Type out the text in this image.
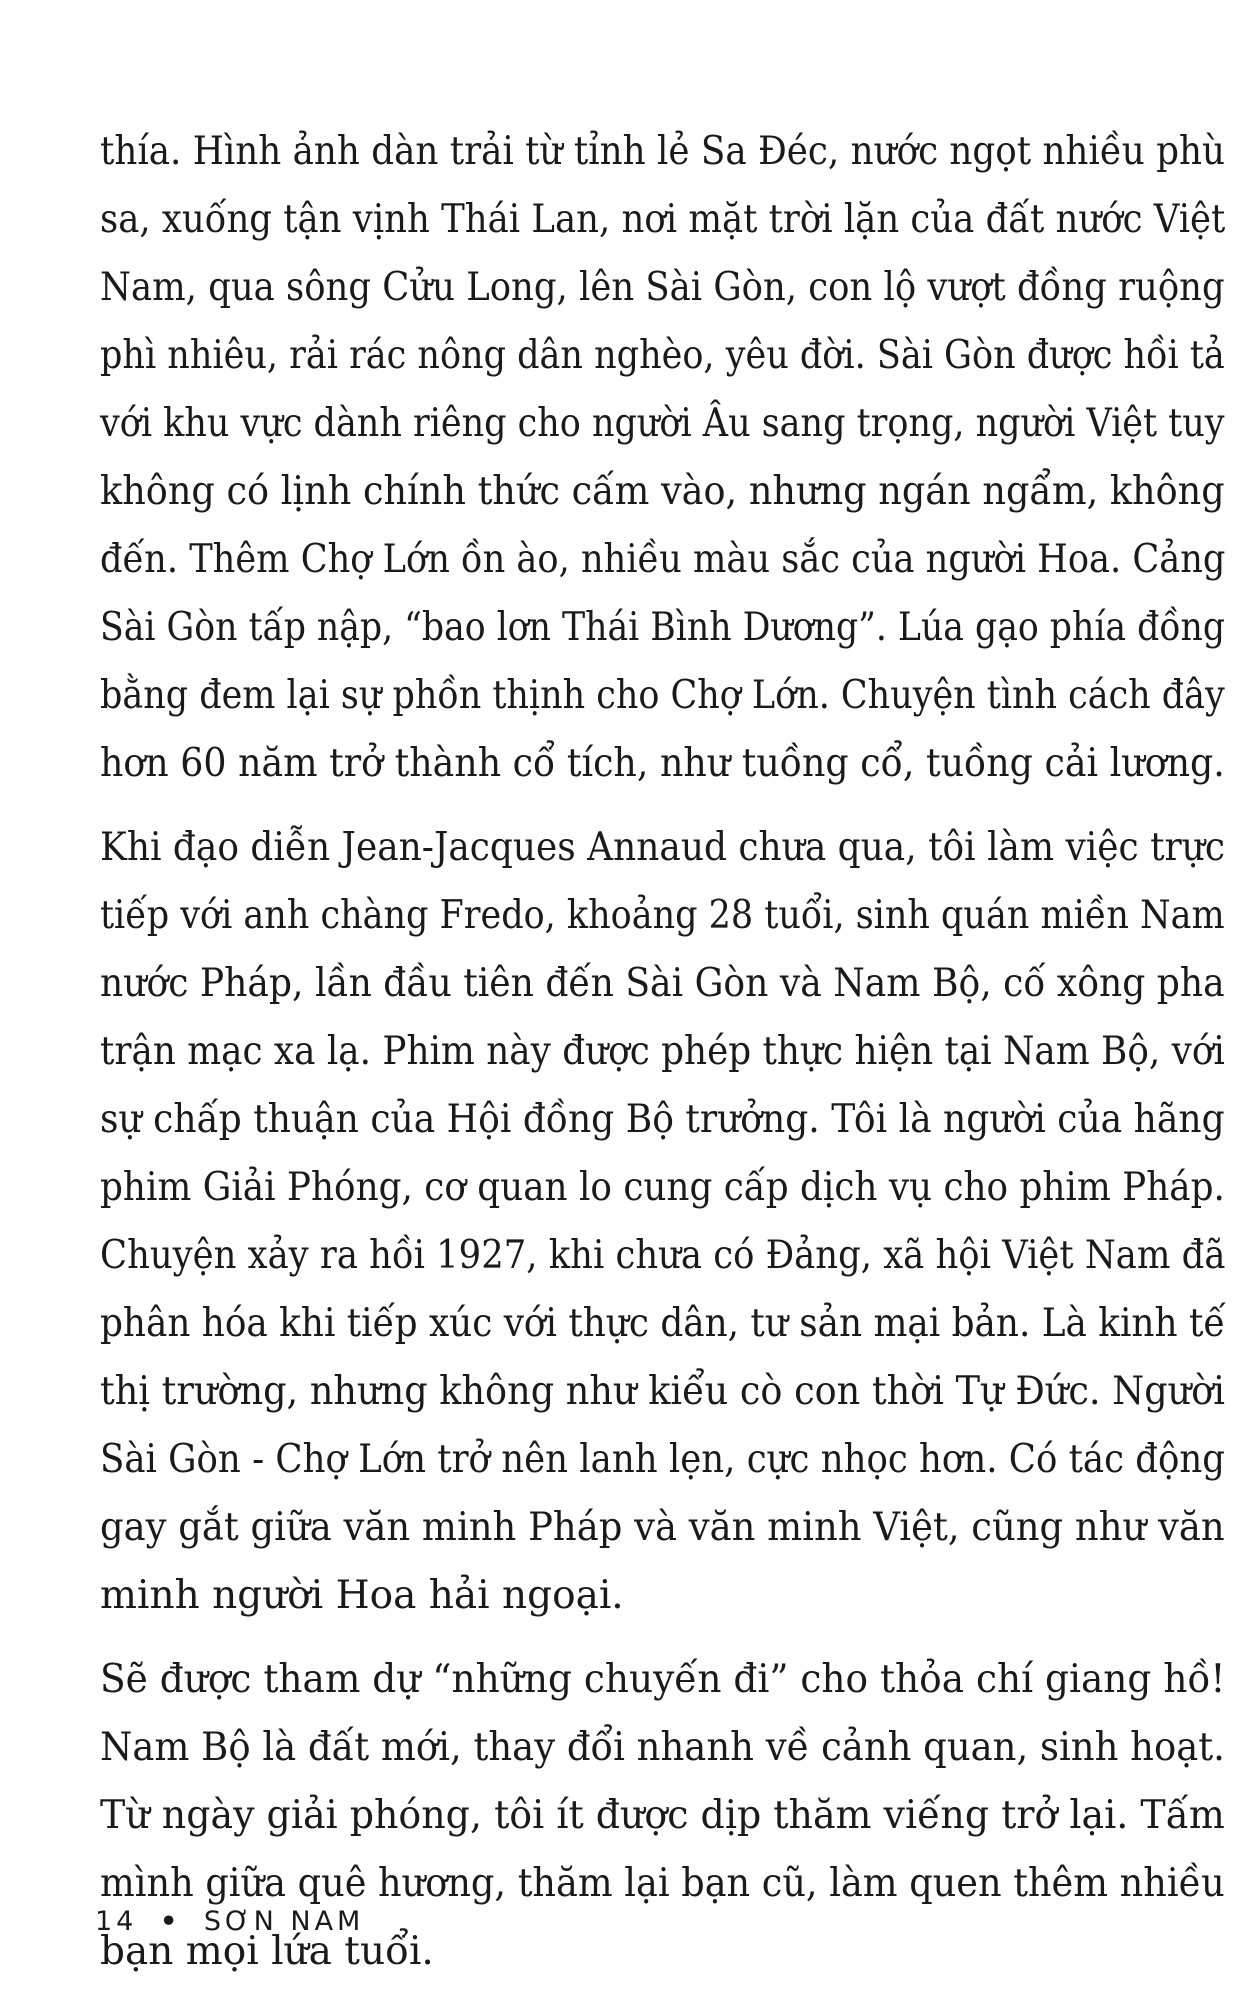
thía. Hình ảnh dàn trải từ tỉnh lẻ Sa Đéc, nước ngọt nhiều phù
sa, xuống tận vịnh Thái Lan, nơi mặt trời lặn của đất nước Việt
Nam, qua sông Cửu Long, lên Sài Gòn, con lộ vượt đồng ruộng
phì nhiêu, rải rác nông dân nghèo, yêu đời. Sài Gòn được hồi tả
với khu vực dành riêng cho người Âu sang trọng, người Việt tuy
không có lịnh chính thức cấm vào, nhưng ngán ngẩm, không
đến. Thêm Chợ Lớn ồn ào, nhiều màu sắc của người Hoa. Cảng
Sài Gòn tấp nập, “bao lơn Thái Bình Dương”. Lúa gạo phía đồng
bằng đem lại sự phồn thịnh cho Chợ Lớn. Chuyện tình cách đây
hơn 60 năm trở thành cổ tích, như tuồng cổ, tuồng cải lương.
Khi đạo diễn Jean-Jacques Annaud chưa qua, tôi làm việc trực
tiếp với anh chàng Fredo, khoảng 28 tuổi, sinh quán miền Nam
nước Pháp, lần đầu tiên đến Sài Gòn và Nam Bộ, cố xông pha
trận mạc xa lạ. Phim này được phép thực hiện tại Nam Bộ, với
sự chấp thuận của Hội đồng Bộ trưởng. Tôi là người của hãng
phim Giải Phóng, cơ quan lo cung cấp dịch vụ cho phim Pháp.
Chuyện xảy ra hồi 1927, khi chưa có Đảng, xã hội Việt Nam đã
phân hóa khi tiếp xúc với thực dân, tư sản mại bản. Là kinh tế
thị trường, nhưng không như kiểu cò con thời Tự Đức. Người
Sài Gòn - Chợ Lớn trở nên lanh lẹn, cực nhọc hơn. Có tác động
gay gắt giữa văn minh Pháp và văn minh Việt, cũng như văn
minh người Hoa hải ngoại.
Sẽ được tham dự “những chuyến đi” cho thỏa chí giang hồ!
Nam Bộ là đất mới, thay đổi nhanh về cảnh quan, sinh hoạt.
Từ ngày giải phóng, tôi ít được dịp thăm viếng trở lại. Tấm
mình giữa quê hương, thăm lại bạn cũ, làm quen thêm nhiều
bạn mọi lứa tuổi.
14 • SƠN NAM
